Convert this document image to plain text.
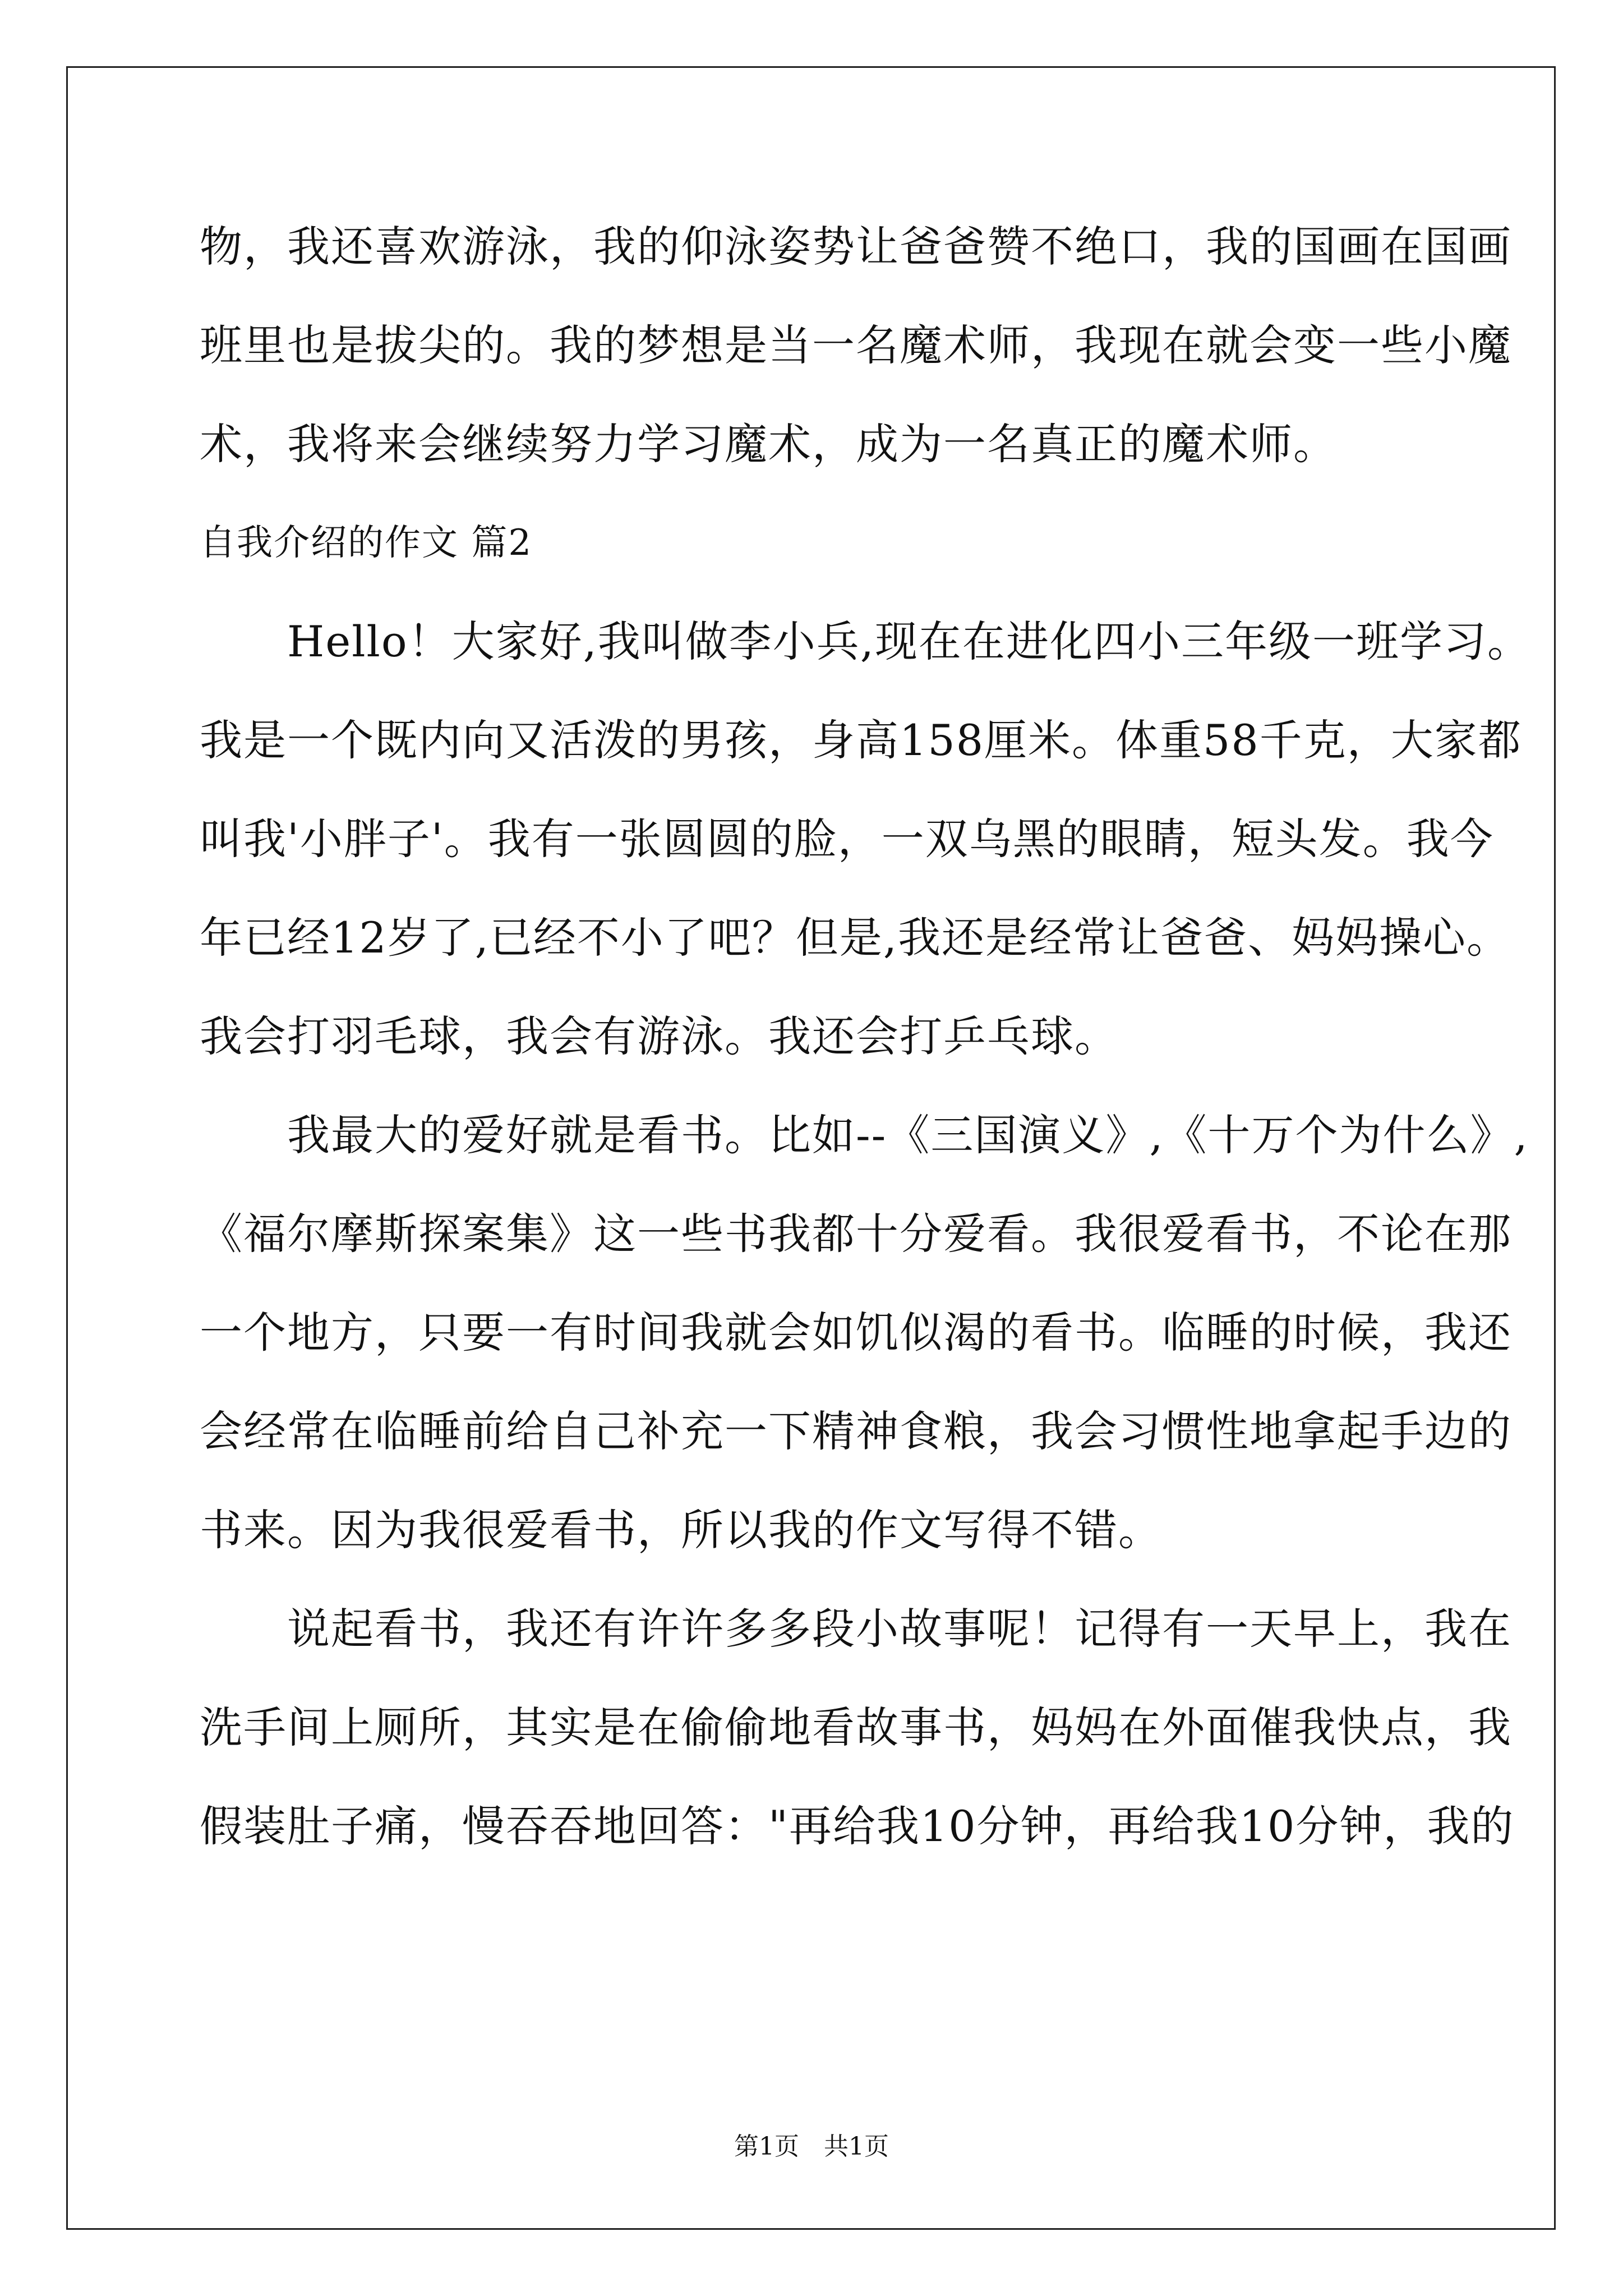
物，我还喜欢游泳，我的仰泳姿势让爸爸赞不绝口，我的国画在国画
班里也是拔尖的。我的梦想是当一名魔术师，我现在就会变一些小魔
术，我将来会继续努力学习魔术，成为一名真正的魔术师。
自我介绍的作文 篇2
　　Hello！大家好,我叫做李小兵,现在在进化四小三年级一班学习。
我是一个既内向又活泼的男孩，身高158厘米。体重58千克，大家都
叫我'小胖子'。我有一张圆圆的脸，一双乌黑的眼睛，短头发。我今
年已经12岁了,已经不小了吧？但是,我还是经常让爸爸、妈妈操心。
我会打羽毛球，我会有游泳。我还会打乒乓球。
　　我最大的爱好就是看书。比如--《三国演义》,《十万个为什么》,
《福尔摩斯探案集》这一些书我都十分爱看。我很爱看书，不论在那
一个地方，只要一有时间我就会如饥似渴的看书。临睡的时候，我还
会经常在临睡前给自己补充一下精神食粮，我会习惯性地拿起手边的
书来。因为我很爱看书，所以我的作文写得不错。
　　说起看书，我还有许许多多段小故事呢！记得有一天早上，我在
洗手间上厕所，其实是在偷偷地看故事书，妈妈在外面催我快点，我
假装肚子痛，慢吞吞地回答："再给我10分钟，再给我10分钟，我的
第1页　共1页
